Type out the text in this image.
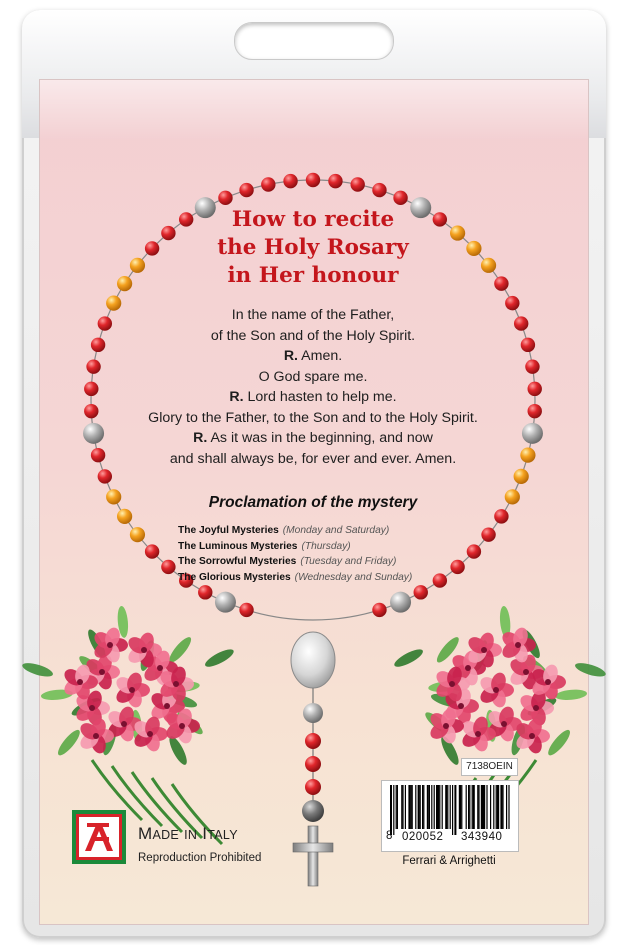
How to recite
the Holy Rosary
in Her honour
In the name of the Father,
of the Son and of the Holy Spirit.
R. Amen.
O God spare me.
R. Lord hasten to help me.
Glory to the Father, to the Son and to the Holy Spirit.
R. As it was in the beginning, and now
and shall always be, for ever and ever. Amen.
Proclamation of the mystery
The Joyful Mysteries (Monday and Saturday)
The Luminous Mysteries (Thursday)
The Sorrowful Mysteries (Tuesday and Friday)
The Glorious Mysteries (Wednesday and Sunday)
7138OEIN
8 020052 343940
Ferrari & Arrighetti
MADE IN ITALY
Reproduction Prohibited
